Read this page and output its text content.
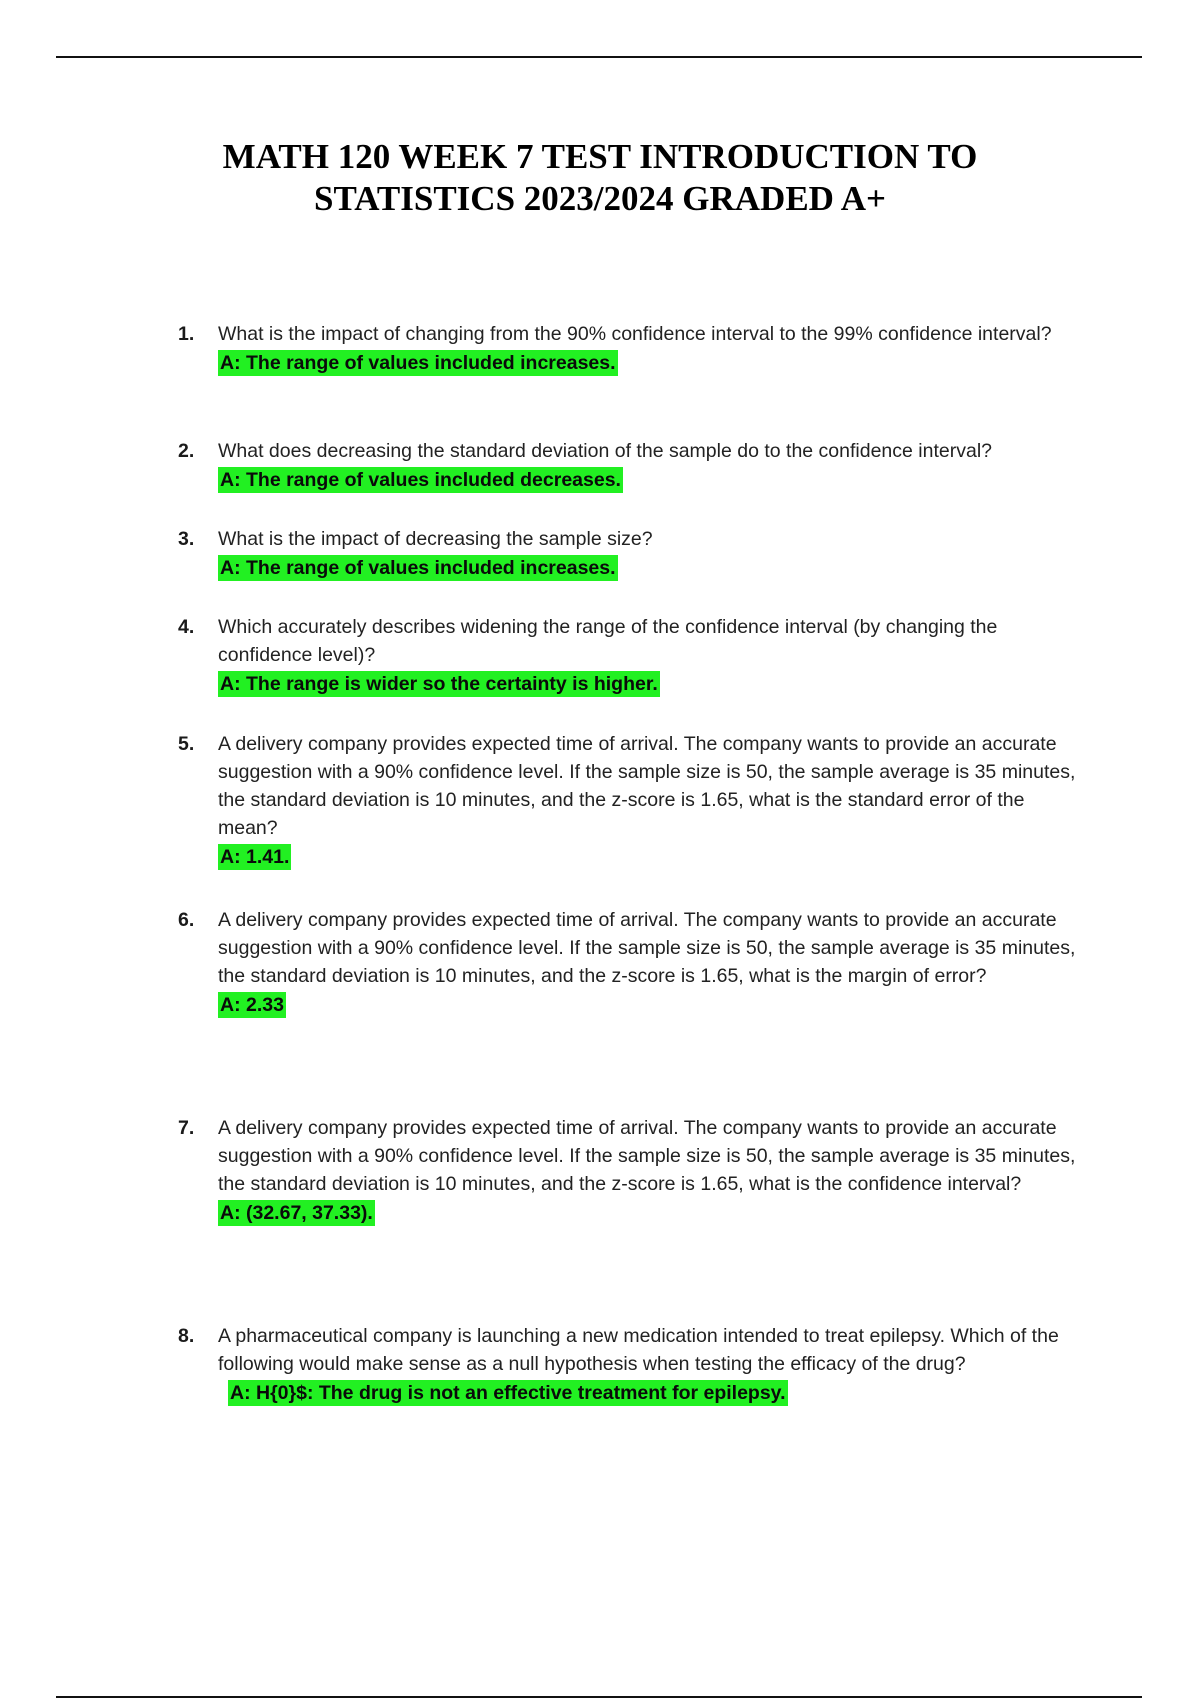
MATH 120 WEEK 7 TEST INTRODUCTION TO
STATISTICS 2023/2024 GRADED A+
1.	What is the impact of changing from the 90% confidence interval to the 99% confidence interval?
A: The range of values included increases.
2.	What does decreasing the standard deviation of the sample do to the confidence interval?
A: The range of values included decreases.
3.	What is the impact of decreasing the sample size?
A: The range of values included increases.
4.	Which accurately describes widening the range of the confidence interval (by changing the confidence level)?
A: The range is wider so the certainty is higher.
5.	A delivery company provides expected time of arrival. The company wants to provide an accurate suggestion with a 90% confidence level. If the sample size is 50, the sample average is 35 minutes, the standard deviation is 10 minutes, and the z-score is 1.65, what is the standard error of the mean?
A: 1.41.
6.	A delivery company provides expected time of arrival. The company wants to provide an accurate suggestion with a 90% confidence level. If the sample size is 50, the sample average is 35 minutes, the standard deviation is 10 minutes, and the z-score is 1.65, what is the margin of error?
A: 2.33
7.	A delivery company provides expected time of arrival. The company wants to provide an accurate suggestion with a 90% confidence level. If the sample size is 50, the sample average is 35 minutes, the standard deviation is 10 minutes, and the z-score is 1.65, what is the confidence interval?
A: (32.67, 37.33).
8.	A pharmaceutical company is launching a new medication intended to treat epilepsy. Which of the following would make sense as a null hypothesis when testing the efficacy of the drug?
A: H{0}$: The drug is not an effective treatment for epilepsy.
